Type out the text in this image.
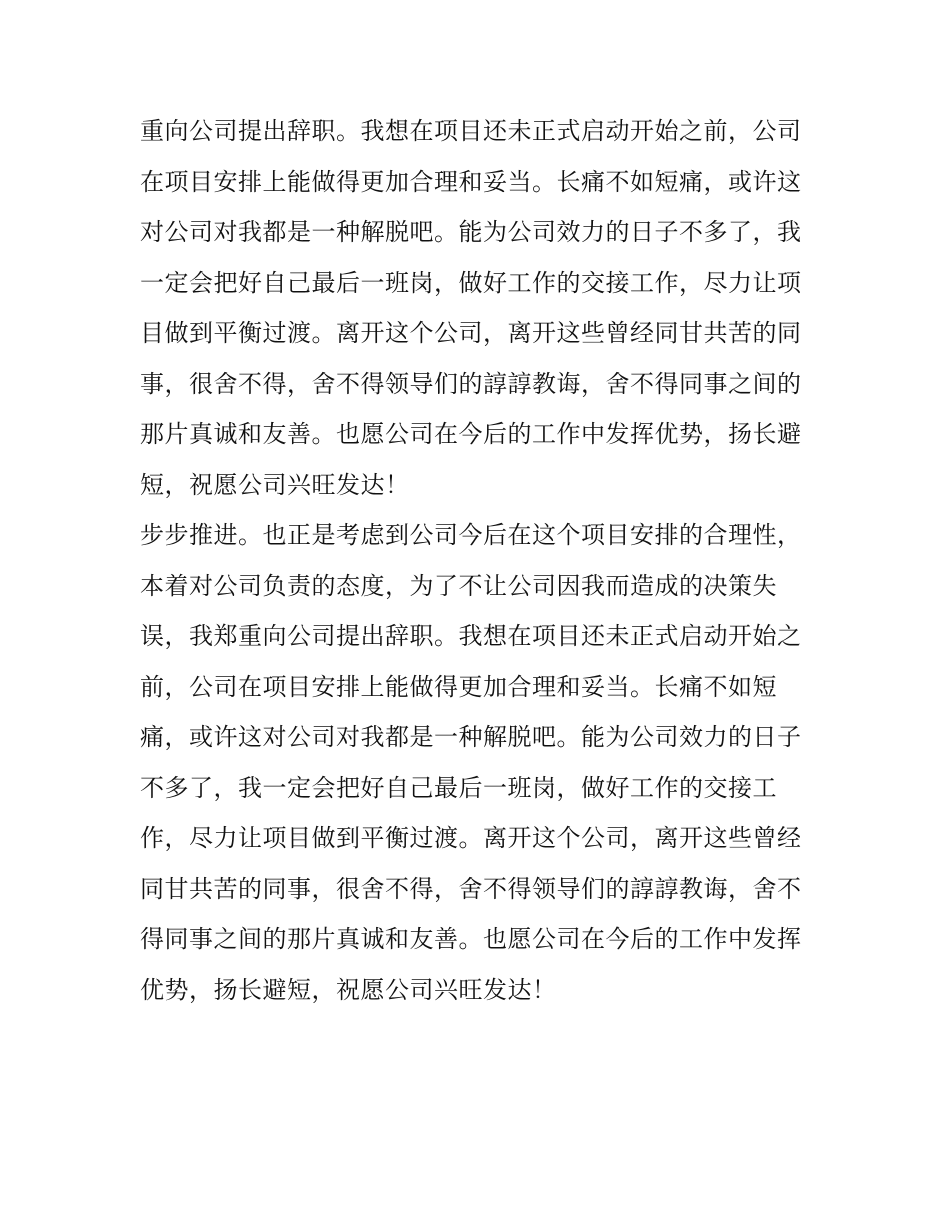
重向公司提出辞职。我想在项目还未正式启动开始之前，公司
在项目安排上能做得更加合理和妥当。长痛不如短痛，或许这
对公司对我都是一种解脱吧。能为公司效力的日子不多了，我
一定会把好自己最后一班岗，做好工作的交接工作，尽力让项
目做到平衡过渡。离开这个公司，离开这些曾经同甘共苦的同
事，很舍不得，舍不得领导们的諄諄教诲，舍不得同事之间的
那片真诚和友善。也愿公司在今后的工作中发挥优势，扬长避
短，祝愿公司兴旺发达！
步步推进。也正是考虑到公司今后在这个项目安排的合理性，
本着对公司负责的态度，为了不让公司因我而造成的决策失
误，我郑重向公司提出辞职。我想在项目还未正式启动开始之
前，公司在项目安排上能做得更加合理和妥当。长痛不如短
痛，或许这对公司对我都是一种解脱吧。能为公司效力的日子
不多了，我一定会把好自己最后一班岗，做好工作的交接工
作，尽力让项目做到平衡过渡。离开这个公司，离开这些曾经
同甘共苦的同事，很舍不得，舍不得领导们的諄諄教诲，舍不
得同事之间的那片真诚和友善。也愿公司在今后的工作中发挥
优势，扬长避短，祝愿公司兴旺发达！
